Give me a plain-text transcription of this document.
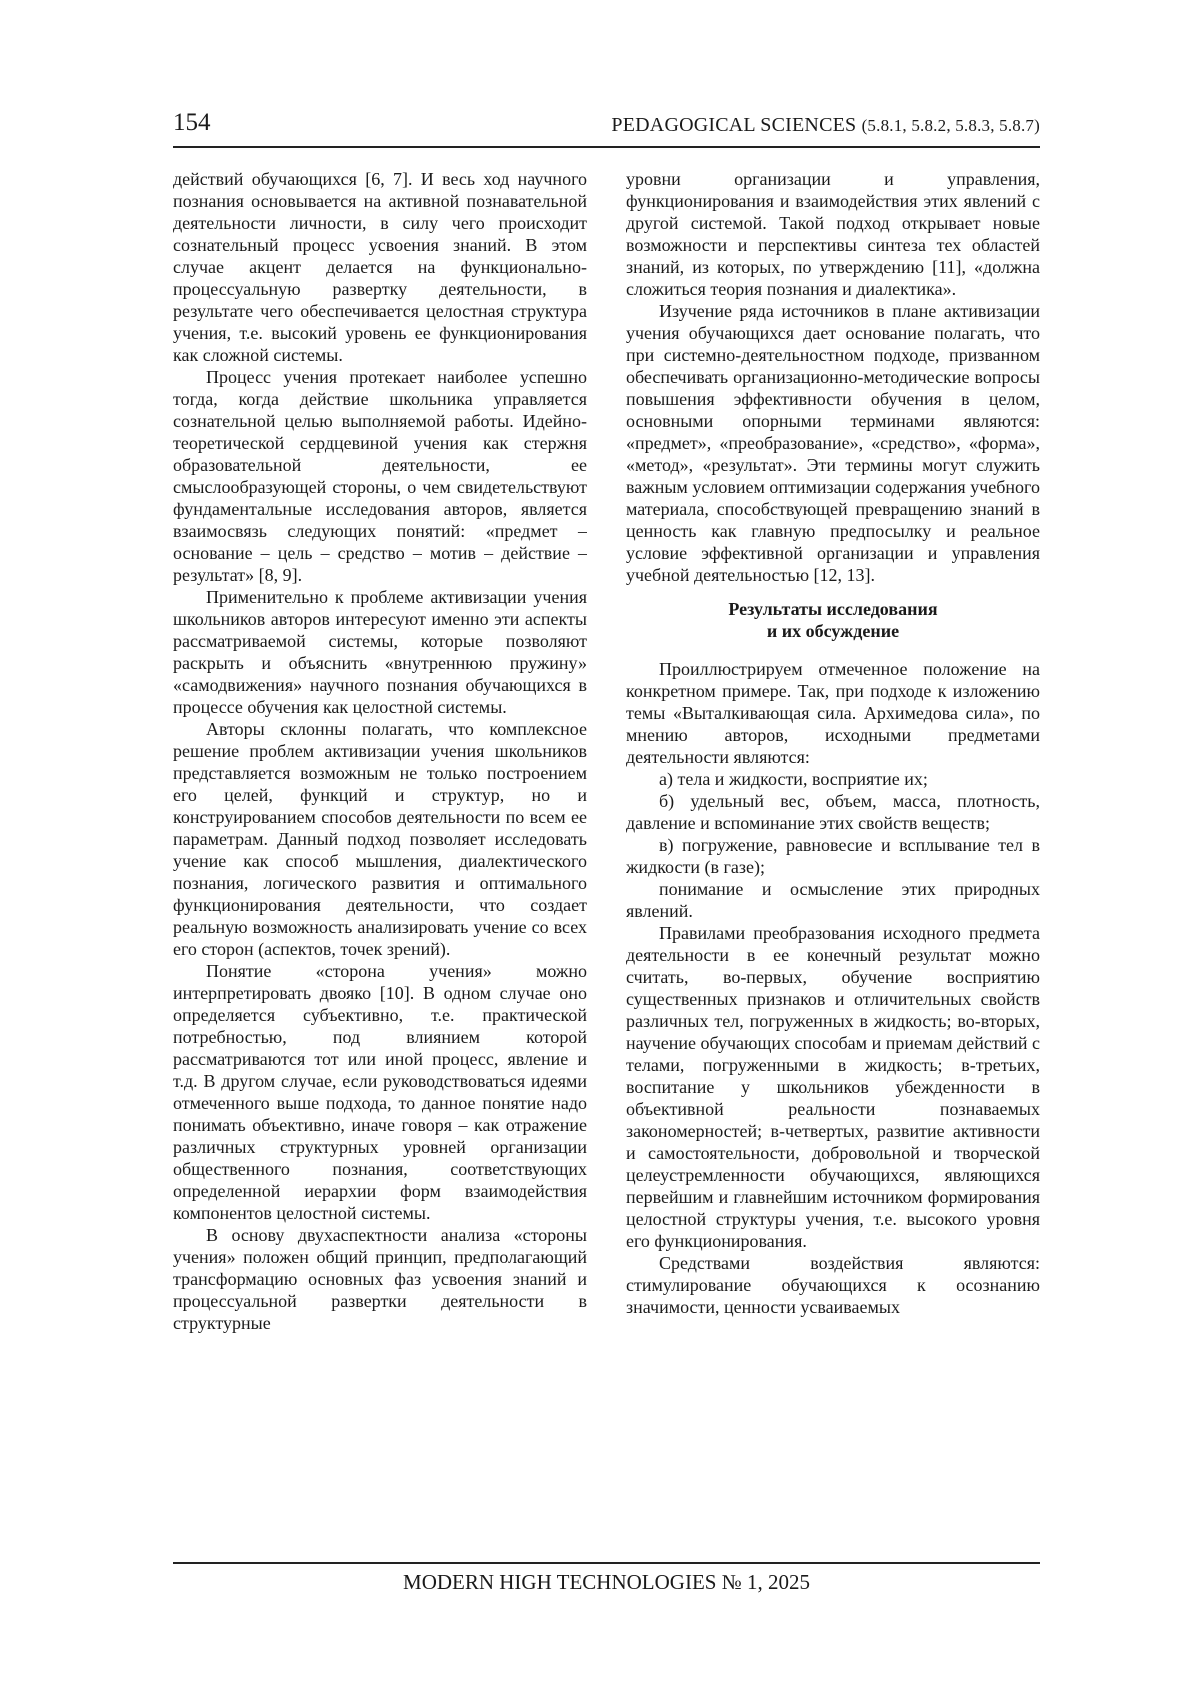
154	PEDAGOGICAL SCIENCES (5.8.1, 5.8.2, 5.8.3, 5.8.7)

действий обучающихся [6, 7]. И весь ход научного познания основывается на активной познавательной деятельности личности, в силу чего происходит сознательный процесс усвоения знаний. В этом случае акцент делается на функционально-процессуальную развертку деятельности, в результате чего обеспечивается целостная структура учения, т.е. высокий уровень ее функционирования как сложной системы.

Процесс учения протекает наиболее успешно тогда, когда действие школьника управляется сознательной целью выполняемой работы. Идейно-теоретической сердцевиной учения как стержня образовательной деятельности, ее смыслообразующей стороны, о чем свидетельствуют фундаментальные исследования авторов, является взаимосвязь следующих понятий: «предмет – основание – цель – средство – мотив – действие – результат» [8, 9].

Применительно к проблеме активизации учения школьников авторов интересуют именно эти аспекты рассматриваемой системы, которые позволяют раскрыть и объяснить «внутреннюю пружину» «самодвижения» научного познания обучающихся в процессе обучения как целостной системы.

Авторы склонны полагать, что комплексное решение проблем активизации учения школьников представляется возможным не только построением его целей, функций и структур, но и конструированием способов деятельности по всем ее параметрам. Данный подход позволяет исследовать учение как способ мышления, диалектического познания, логического развития и оптимального функционирования деятельности, что создает реальную возможность анализировать учение со всех его сторон (аспектов, точек зрений).

Понятие «сторона учения» можно интерпретировать двояко [10]. В одном случае оно определяется субъективно, т.е. практической потребностью, под влиянием которой рассматриваются тот или иной процесс, явление и т.д. В другом случае, если руководствоваться идеями отмеченного выше подхода, то данное понятие надо понимать объективно, иначе говоря – как отражение различных структурных уровней организации общественного познания, соответствующих определенной иерархии форм взаимодействия компонентов целостной системы.

В основу двухаспектности анализа «стороны учения» положен общий принцип, предполагающий трансформацию основных фаз усвоения знаний и процессуальной развертки деятельности в структурные

уровни организации и управления, функционирования и взаимодействия этих явлений с другой системой. Такой подход открывает новые возможности и перспективы синтеза тех областей знаний, из которых, по утверждению [11], «должна сложиться теория познания и диалектика».

Изучение ряда источников в плане активизации учения обучающихся дает основание полагать, что при системно-деятельностном подходе, призванном обеспечивать организационно-методические вопросы повышения эффективности обучения в целом, основными опорными терминами являются: «предмет», «преобразование», «средство», «форма», «метод», «результат». Эти термины могут служить важным условием оптимизации содержания учебного материала, способствующей превращению знаний в ценность как главную предпосылку и реальное условие эффективной организации и управления учебной деятельностью [12, 13].

Результаты исследования
и их обсуждение

Проиллюстрируем отмеченное положение на конкретном примере. Так, при подходе к изложению темы «Выталкивающая сила. Архимедова сила», по мнению авторов, исходными предметами деятельности являются:

а) тела и жидкости, восприятие их;

б) удельный вес, объем, масса, плотность, давление и вспоминание этих свойств веществ;

в) погружение, равновесие и всплывание тел в жидкости (в газе);

понимание и осмысление этих природных явлений.

Правилами преобразования исходного предмета деятельности в ее конечный результат можно считать, во-первых, обучение восприятию существенных признаков и отличительных свойств различных тел, погруженных в жидкость; во-вторых, научение обучающих способам и приемам действий с телами, погруженными в жидкость; в-третьих, воспитание у школьников убежденности в объективной реальности познаваемых закономерностей; в-четвертых, развитие активности и самостоятельности, добровольной и творческой целеустремленности обучающихся, являющихся первейшим и главнейшим источником формирования целостной структуры учения, т.е. высокого уровня его функционирования.

Средствами воздействия являются: стимулирование обучающихся к осознанию значимости, ценности усваиваемых

MODERN HIGH TECHNOLOGIES № 1, 2025
